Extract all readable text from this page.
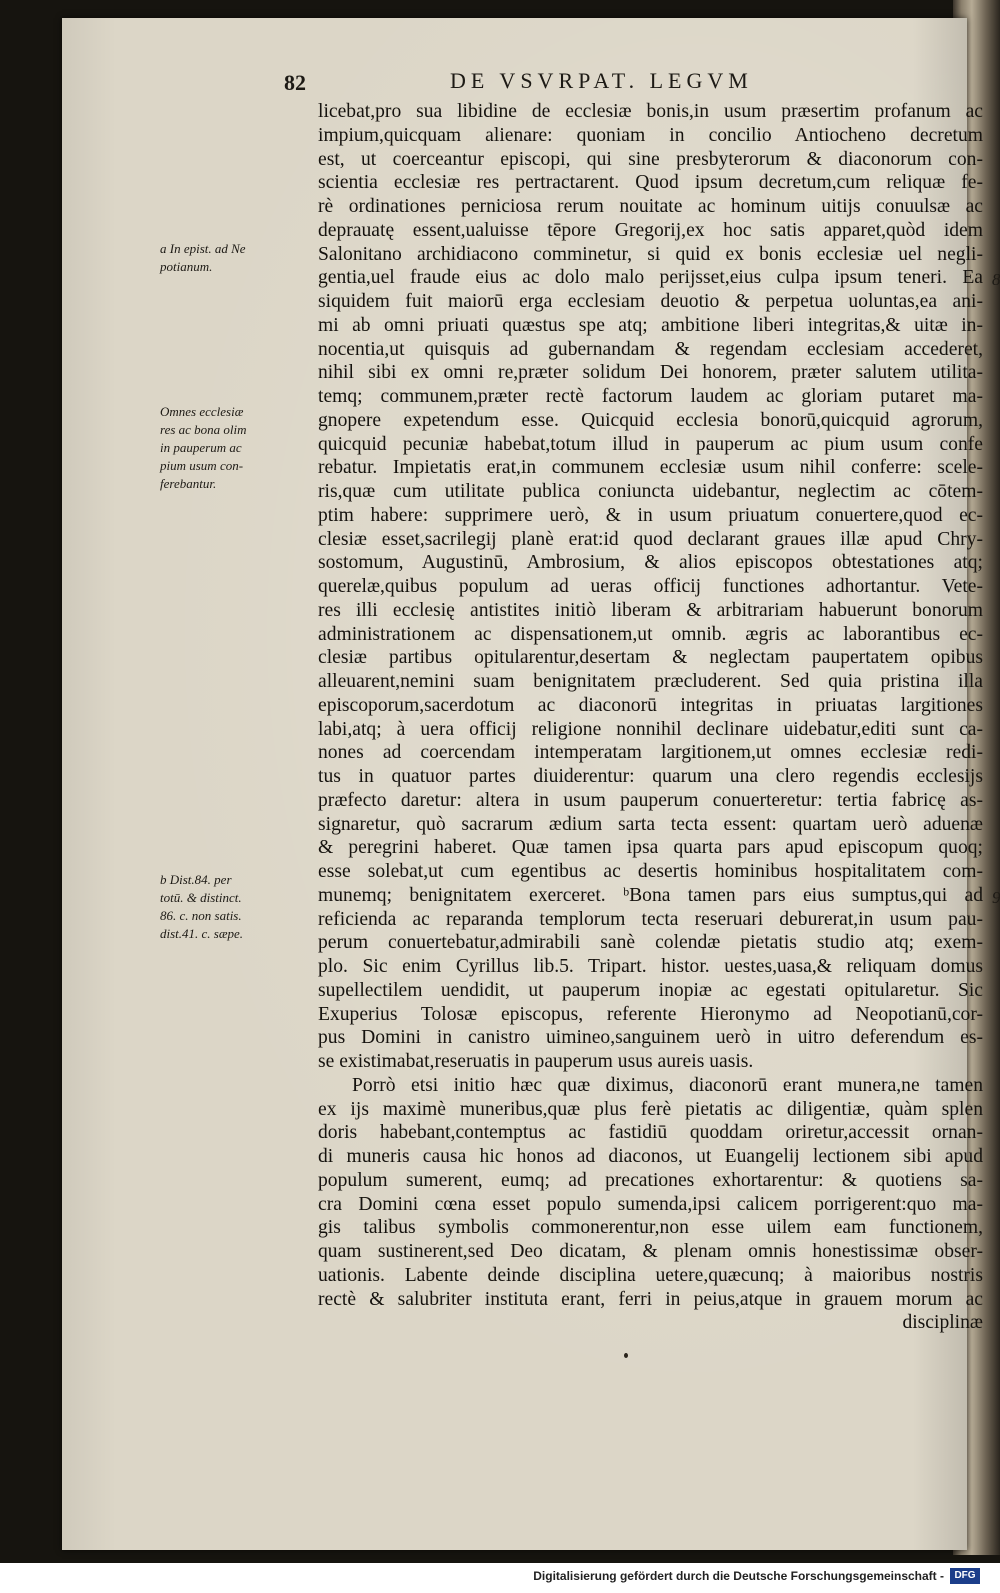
82	DE VSVRPAT. LEGVM
licebat,pro sua libidine de ecclesiæ bonis,in usum præsertim profanum ac
impium,quicquam alienare: quoniam in concilio Antiocheno decretum
est, ut coerceantur episcopi, qui sine presbyterorum & diaconorum con-
scientia ecclesiæ res pertractarent. Quod ipsum decretum,cum reliquæ fe-
rè ordinationes perniciosa rerum nouitate ac hominum uitijs conuulsæ ac
deprauatę essent,ualuisse tēpore Gregorij,ex hoc satis apparet,quòd idem
Salonitano archidiacono comminetur, si quid ex bonis ecclesiæ uel negli-
gentia,uel fraude eius ac dolo malo perijsset,eius culpa ipsum teneri. Ea
siquidem fuit maiorū erga ecclesiam deuotio & perpetua uoluntas,ea ani-
mi ab omni priuati quæstus spe atq; ambitione liberi integritas,& uitæ in-
nocentia,ut quisquis ad gubernandam & regendam ecclesiam accederet,
nihil sibi ex omni re,præter solidum Dei honorem, præter salutem utilita-
temq; communem,præter rectè factorum laudem ac gloriam putaret ma-
gnopere expetendum esse. Quicquid ecclesia bonorū,quicquid agrorum,
quicquid pecuniæ habebat,totum illud in pauperum ac pium usum confe
rebatur. Impietatis erat,in communem ecclesiæ usum nihil conferre: scele-
ris,quæ cum utilitate publica coniuncta uidebantur, neglectim ac cōtem-
ptim habere: supprimere uerò, & in usum priuatum conuertere,quod ec-
clesiæ esset,sacrilegij planè erat:id quod declarant graues illæ apud Chry-
sostomum, Augustinū, Ambrosium, & alios episcopos obtestationes atq;
querelæ,quibus populum ad ueras officij functiones adhortantur. Vete-
res illi ecclesię antistites initiò liberam & arbitrariam habuerunt bonorum
administrationem ac dispensationem,ut omnib. ægris ac laborantibus ec-
clesiæ partibus opitularentur,desertam & neglectam paupertatem opibus
alleuarent,nemini suam benignitatem præcluderent. Sed quia pristina illa
episcoporum,sacerdotum ac diaconorū integritas in priuatas largitiones
labi,atq; à uera officij religione nonnihil declinare uidebatur,editi sunt ca-
nones ad coercendam intemperatam largitionem,ut omnes ecclesiæ redi-
tus in quatuor partes diuiderentur: quarum una clero regendis ecclesijs
præfecto daretur: altera in usum pauperum conuerteretur: tertia fabricę as-
signaretur, quò sacrarum ædium sarta tecta essent: quartam uerò aduenæ
& peregrini haberet. Quæ tamen ipsa quarta pars apud episcopum quoq;
esse solebat,ut cum egentibus ac desertis hominibus hospitalitatem com-
munemq; benignitatem exerceret. ᵇBona tamen pars eius sumptus,qui ad
reficienda ac reparanda templorum tecta reseruari deburerat,in usum pau-
perum conuertebatur,admirabili sanè colendæ pietatis studio atq; exem-
plo. Sic enim Cyrillus lib.5. Tripart. histor. uestes,uasa,& reliquam domus
supellectilem uendidit, ut pauperum inopiæ ac egestati opitularetur. Sic
Exuperius Tolosæ episcopus, referente Hieronymo ad Neopotianū,cor-
pus Domini in canistro uimineo,sanguinem uerò in uitro deferendum es-
se existimabat,reseruatis in pauperum usus aureis uasis.
Porrò etsi initio hæc quæ diximus, diaconorū erant munera,ne tamen
ex ijs maximè muneribus,quæ plus ferè pietatis ac diligentiæ, quàm splen
doris habebant,contemptus ac fastidiū quoddam oriretur,accessit ornan-
di muneris causa hic honos ad diaconos, ut Euangelij lectionem sibi apud
populum sumerent, eumq; ad precationes exhortarentur: & quotiens sa-
cra Domini cœna esset populo sumenda,ipsi calicem porrigerent:quo ma-
gis talibus symbolis commonerentur,non esse uilem eam functionem,
quam sustinerent,sed Deo dicatam, & plenam omnis honestissimæ obser-
uationis. Labente deinde disciplina uetere,quæcunq; à maioribus nostris
rectè & salubriter instituta erant, ferri in peius,atque in grauem morum ac
disciplinæ
a In epist. ad Ne
potianum.
Omnes ecclesiæ
res ac bona olim
in pauperum ac
pium usum con-
ferebantur.
b Dist.84. per
totū. & distinct.
86. c. non satis.
dist.41. c. sæpe.
8
9
Digitalisierung gefördert durch die Deutsche Forschungsgemeinschaft -	DFG
